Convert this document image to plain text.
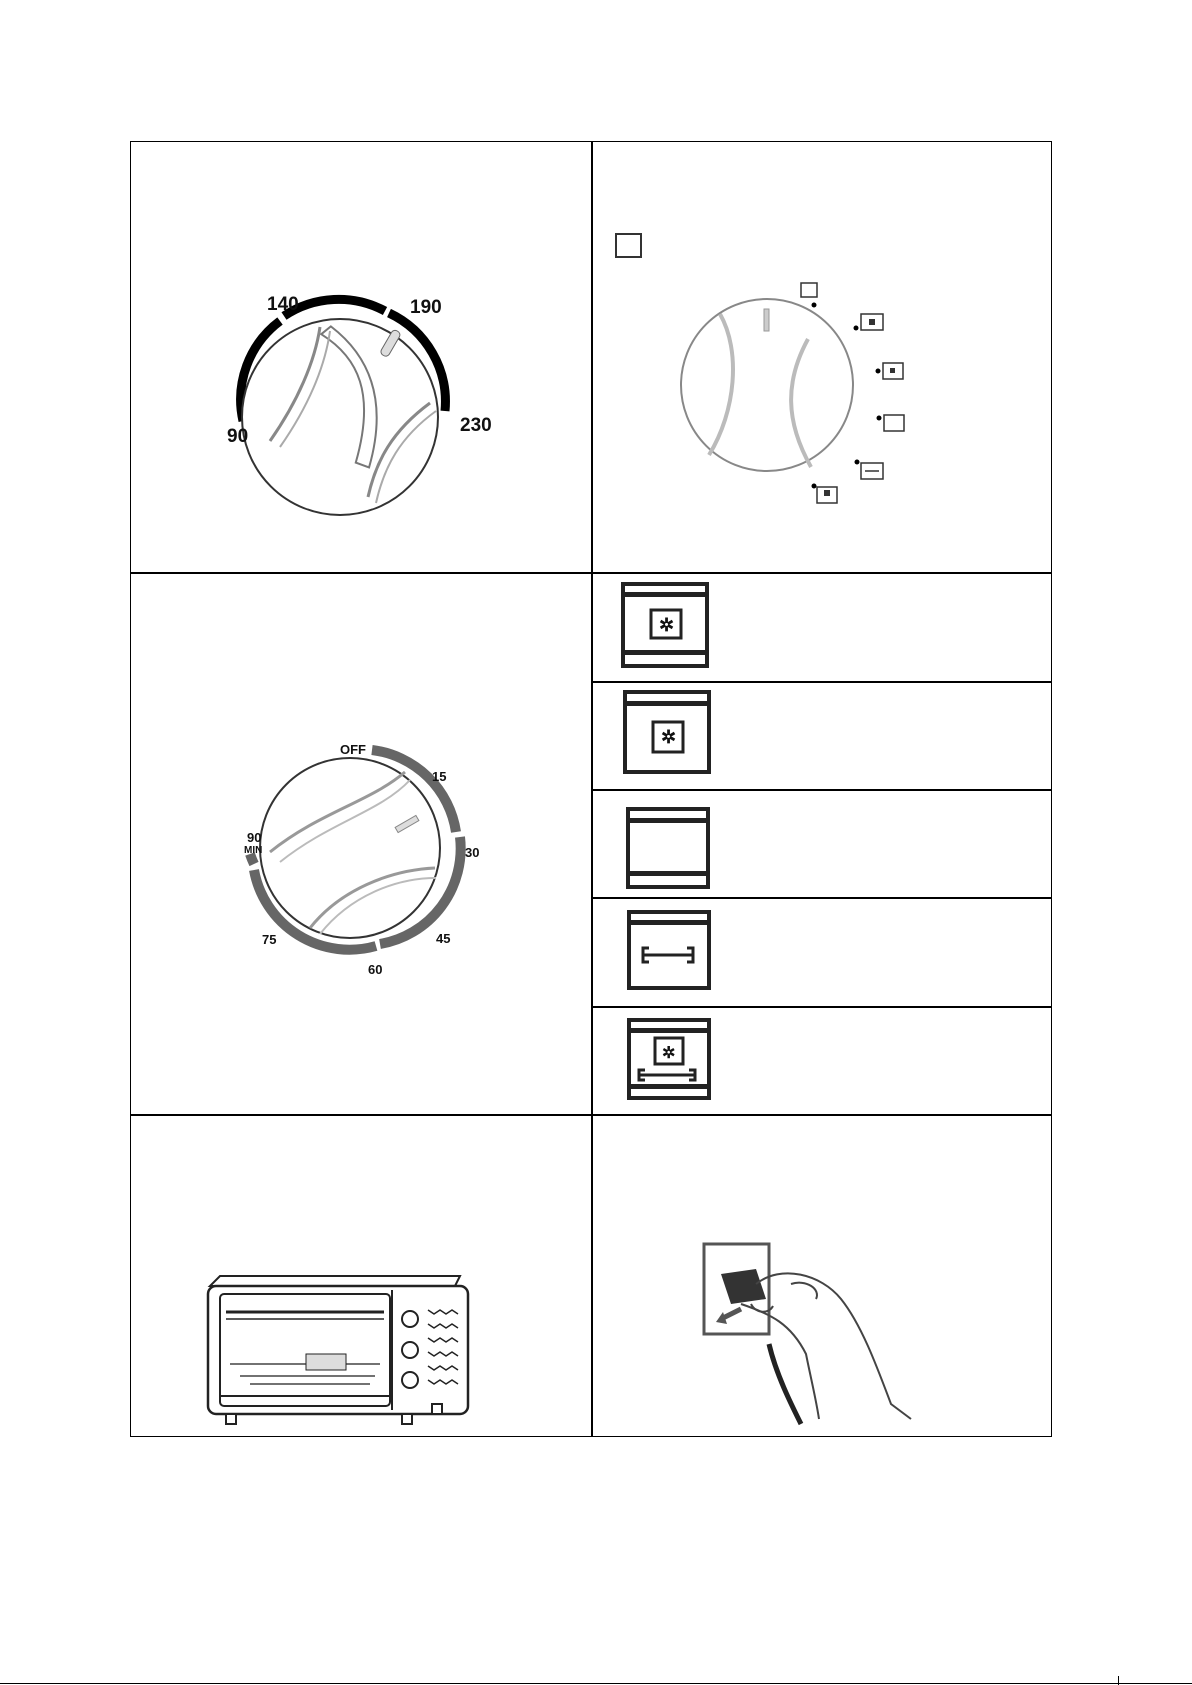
90
140	190
230
OFF
15
30
45
60
75
90
MIN
✲
✲
✲
